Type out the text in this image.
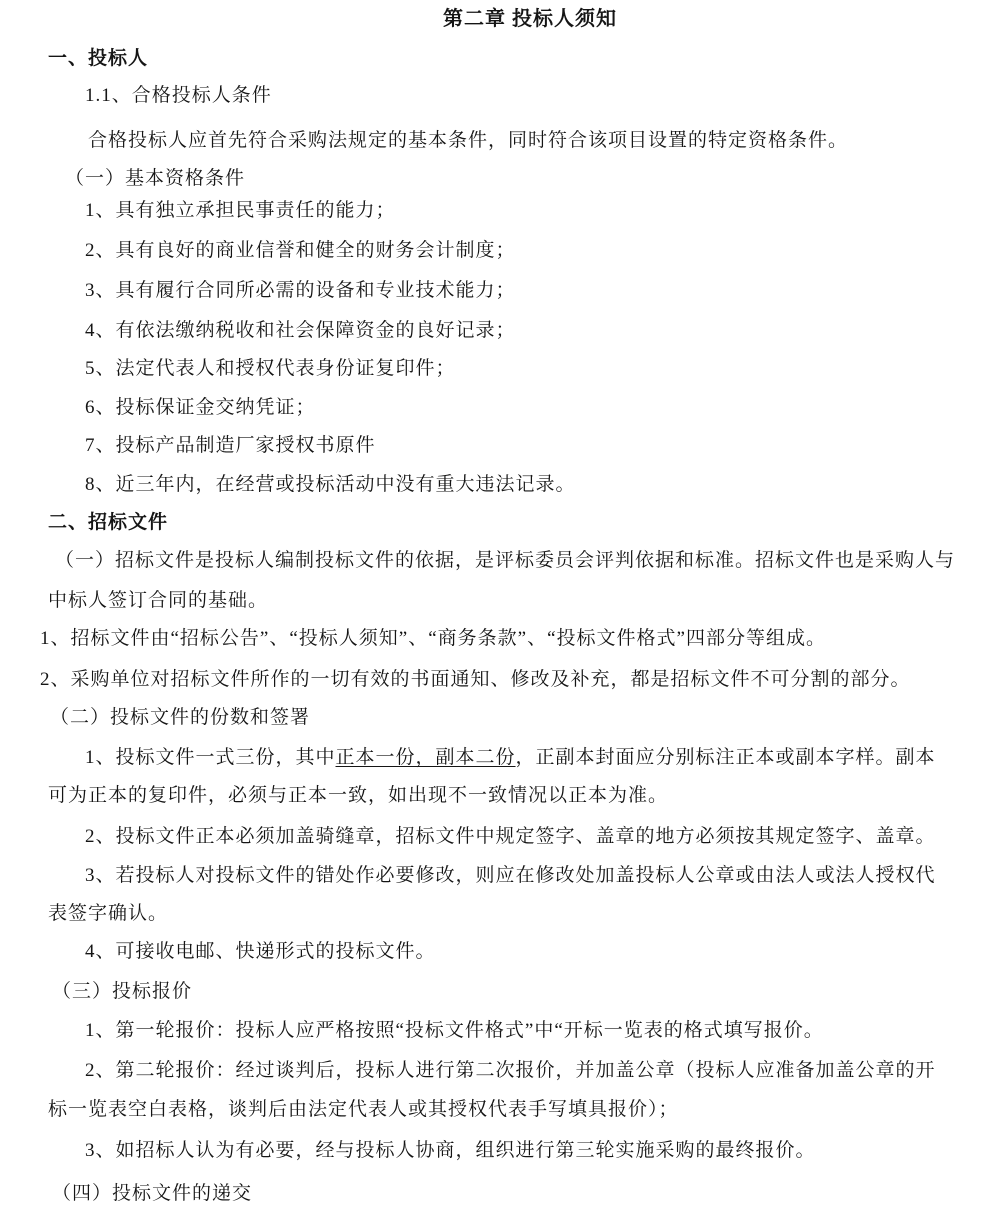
第二章 投标人须知
一、投标人
1.1、合格投标人条件
合格投标人应首先符合采购法规定的基本条件，同时符合该项目设置的特定资格条件。
（一）基本资格条件
1、具有独立承担民事责任的能力；
2、具有良好的商业信誉和健全的财务会计制度；
3、具有履行合同所必需的设备和专业技术能力；
4、有依法缴纳税收和社会保障资金的良好记录；
5、法定代表人和授权代表身份证复印件；
6、投标保证金交纳凭证；
7、投标产品制造厂家授权书原件
8、近三年内，在经营或投标活动中没有重大违法记录。
二、招标文件
（一）招标文件是投标人编制投标文件的依据，是评标委员会评判依据和标准。招标文件也是采购人与
中标人签订合同的基础。
1、招标文件由“招标公告”、“投标人须知”、“商务条款”、“投标文件格式”四部分等组成。
2、采购单位对招标文件所作的一切有效的书面通知、修改及补充，都是招标文件不可分割的部分。
（二）投标文件的份数和签署
1、投标文件一式三份，其中正本一份，副本二份，正副本封面应分别标注正本或副本字样。副本
可为正本的复印件，必须与正本一致，如出现不一致情况以正本为准。
2、投标文件正本必须加盖骑缝章，招标文件中规定签字、盖章的地方必须按其规定签字、盖章。
3、若投标人对投标文件的错处作必要修改，则应在修改处加盖投标人公章或由法人或法人授权代
表签字确认。
4、可接收电邮、快递形式的投标文件。
（三）投标报价
1、第一轮报价：投标人应严格按照“投标文件格式”中“开标一览表的格式填写报价。
2、第二轮报价：经过谈判后，投标人进行第二次报价，并加盖公章（投标人应准备加盖公章的开
标一览表空白表格，谈判后由法定代表人或其授权代表手写填具报价）；
3、如招标人认为有必要，经与投标人协商，组织进行第三轮实施采购的最终报价。
（四）投标文件的递交
